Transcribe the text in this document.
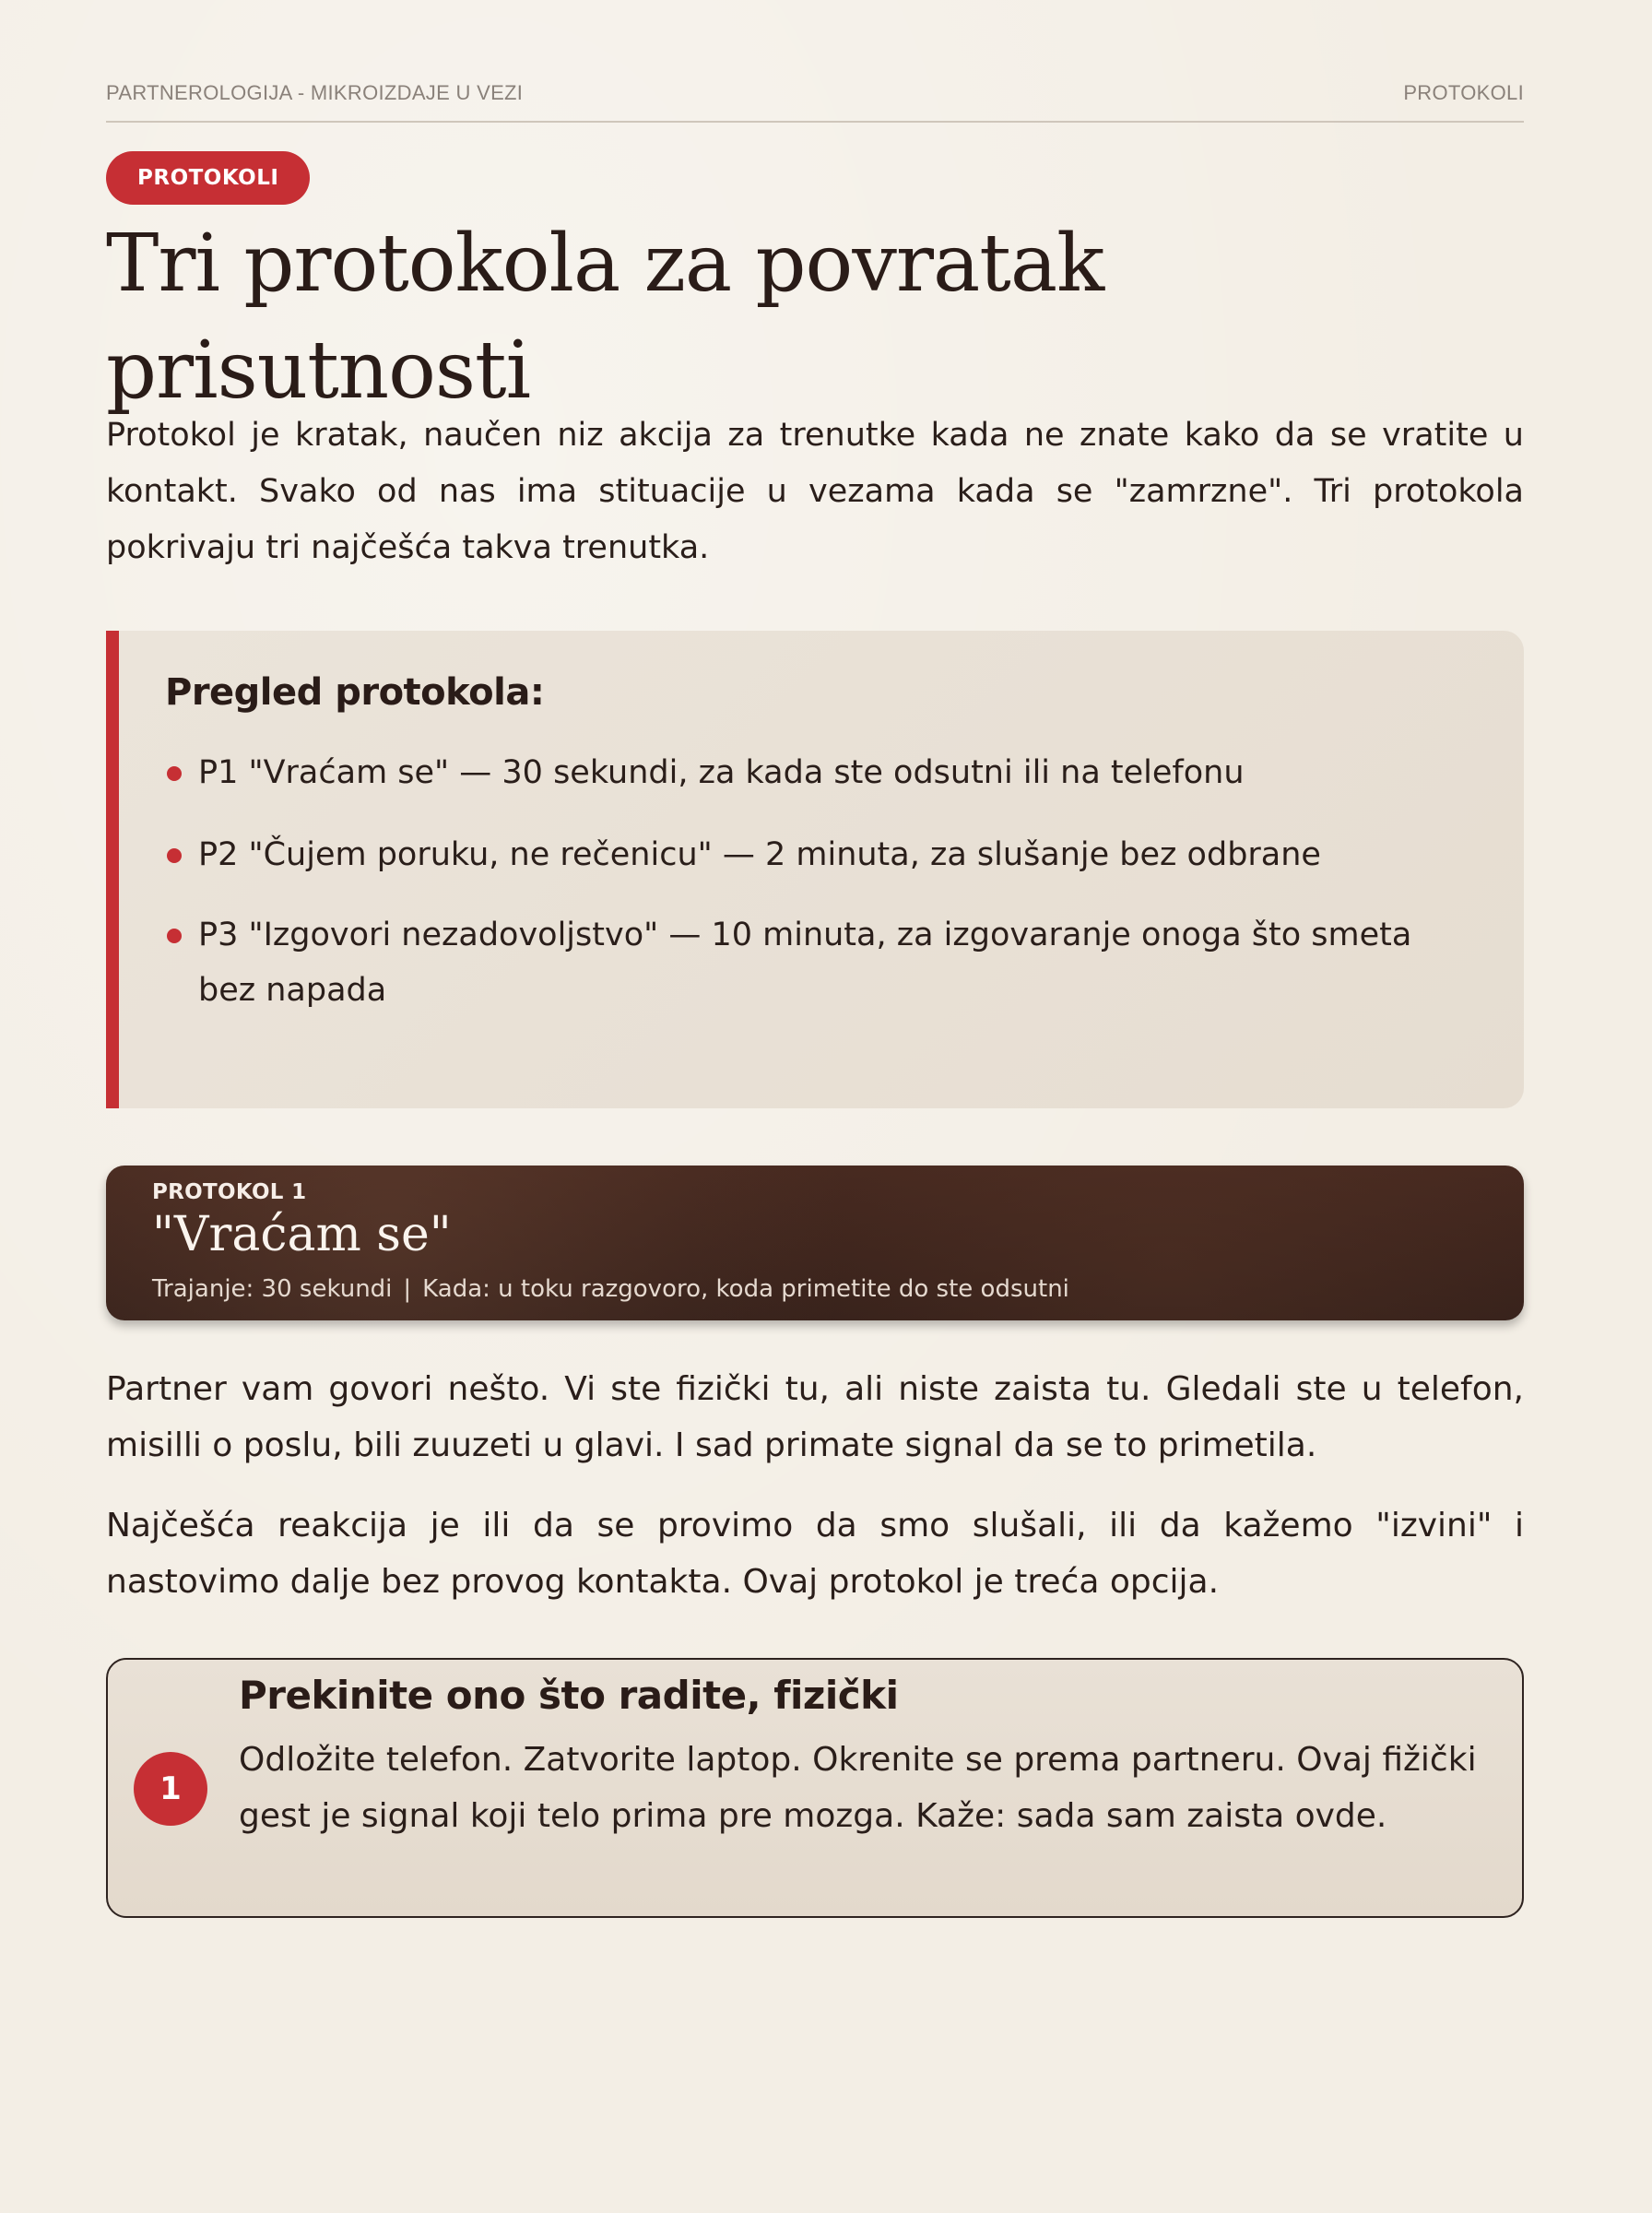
PARTNEROLOGIJA - MIKROIZDAJE U VEZI	PROTOKOLI
PROTOKOLI
Tri protokola za povratak prisutnosti

Protokol je kratak, naučen niz akcija za trenutke kada ne znate kako da se vratite u kontakt. Svako od nas ima stituacije u vezama kada se "zamrzne". Tri protokola pokrivaju tri najčešća takva trenutka.

Pregled protokola:
P1 "Vraćam se" — 30 sekundi, za kada ste odsutni ili na telefonu
P2 "Čujem poruku, ne rečenicu" — 2 minuta, za slušanje bez odbrane
P3 "Izgovori nezadovoljstvo" — 10 minuta, za izgovaranje onoga što smeta bez napada
PROTOKOL 1
"Vraćam se"
Trajanje: 30 sekundi | Kada: u toku razgovoro, koda primetite do ste odsutni

Partner vam govori nešto. Vi ste fizički tu, ali niste zaista tu. Gledali ste u telefon, misilli o poslu, bili zuuzeti u glavi. I sad primate signal da se to primetila.

Najčešća reakcija je ili da se provimo da smo slušali, ili da kažemo "izvini" i nastovimo dalje bez provog kontakta. Ovaj protokol je treća opcija.

1
Prekinite ono što radite, fizički

Odložite telefon. Zatvorite laptop. Okrenite se prema partneru. Ovaj fižički gest je signal koji telo prima pre mozga. Kaže: sada sam zaista ovde.
